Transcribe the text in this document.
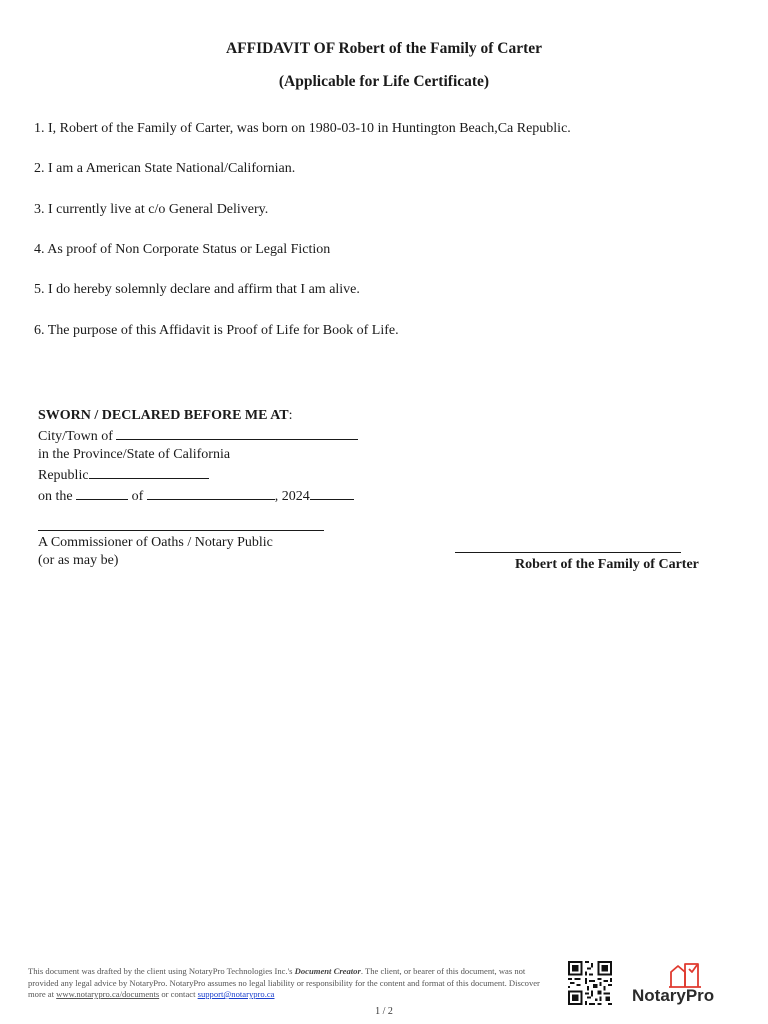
AFFIDAVIT OF Robert of the Family of Carter
(Applicable for Life Certificate)
1. I, Robert of the Family of Carter, was born on 1980-03-10 in Huntington Beach,Ca Republic.
2. I am a American State National/Californian.
3. I currently live at c/o General Delivery.
4. As proof of Non Corporate Status or Legal Fiction
5. I do hereby solemnly declare and affirm that I am alive.
6. The purpose of this Affidavit is Proof of Life for Book of Life.
SWORN / DECLARED BEFORE ME AT:
City/Town of
in the Province/State of California
Republic
on the	of	, 2024
A Commissioner of Oaths / Notary Public
(or as may be)	Robert of the Family of Carter
This document was drafted by the client using NotaryPro Technologies Inc.'s Document Creator. The client, or bearer of this document, was not provided any legal advice by NotaryPro. NotaryPro assumes no legal liability or responsibility for the content and format of this document. Discover more at www.notarypro.ca/documents or contact support@notarypro.ca
1 / 2
NotaryPro
